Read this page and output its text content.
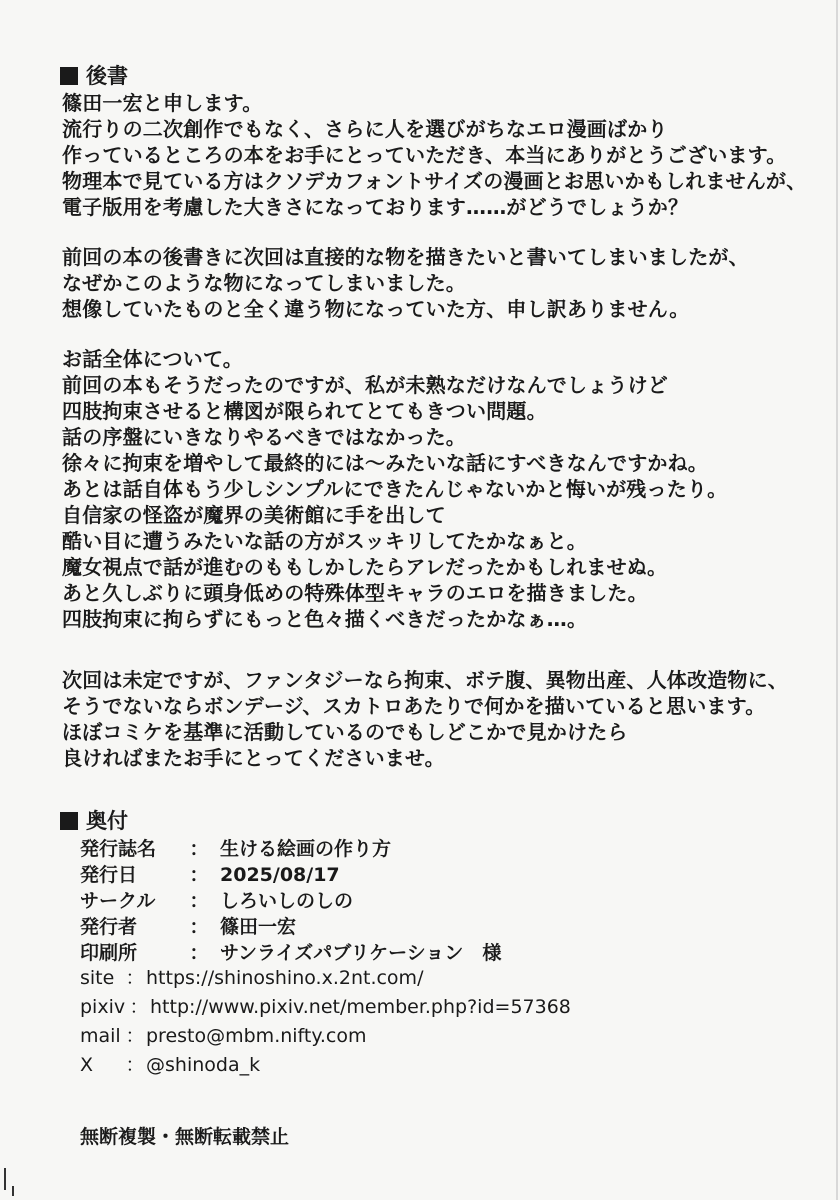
後書
篠田一宏と申します。
流行りの二次創作でもなく、さらに人を選びがちなエロ漫画ばかり
作っているところの本をお手にとっていただき、本当にありがとうございます。
物理本で見ている方はクソデカフォントサイズの漫画とお思いかもしれませんが、
電子版用を考慮した大きさになっております……がどうでしょうか？
前回の本の後書きに次回は直接的な物を描きたいと書いてしまいましたが、
なぜかこのような物になってしまいました。
想像していたものと全く違う物になっていた方、申し訳ありません。
お話全体について。
前回の本もそうだったのですが、私が未熟なだけなんでしょうけど
四肢拘束させると構図が限られてとてもきつい問題。
話の序盤にいきなりやるべきではなかった。
徐々に拘束を増やして最終的には～みたいな話にすべきなんですかね。
あとは話自体もう少しシンプルにできたんじゃないかと悔いが残ったり。
自信家の怪盗が魔界の美術館に手を出して
酷い目に遭うみたいな話の方がスッキリしてたかなぁと。
魔女視点で話が進むのももしかしたらアレだったかもしれませぬ。
あと久しぶりに頭身低めの特殊体型キャラのエロを描きました。
四肢拘束に拘らずにもっと色々描くべきだったかなぁ…。
次回は未定ですが、ファンタジーなら拘束、ボテ腹、異物出産、人体改造物に、
そうでないならボンデージ、スカトロあたりで何かを描いていると思います。
ほぼコミケを基準に活動しているのでもしどこかで見かけたら
良ければまたお手にとってくださいませ。
奥付
発行誌名	： 生ける絵画の作り方
発行日	： 2025/08/17
サークル	： しろいしのしの
発行者	： 篠田一宏
印刷所	： サンライズパブリケーション　様
site ： https://shinoshino.x.2nt.com/
pixiv ： http://www.pixiv.net/member.php?id=57368
mail ： presto@mbm.nifty.com
X	： @shinoda_k
無断複製・無断転載禁止
